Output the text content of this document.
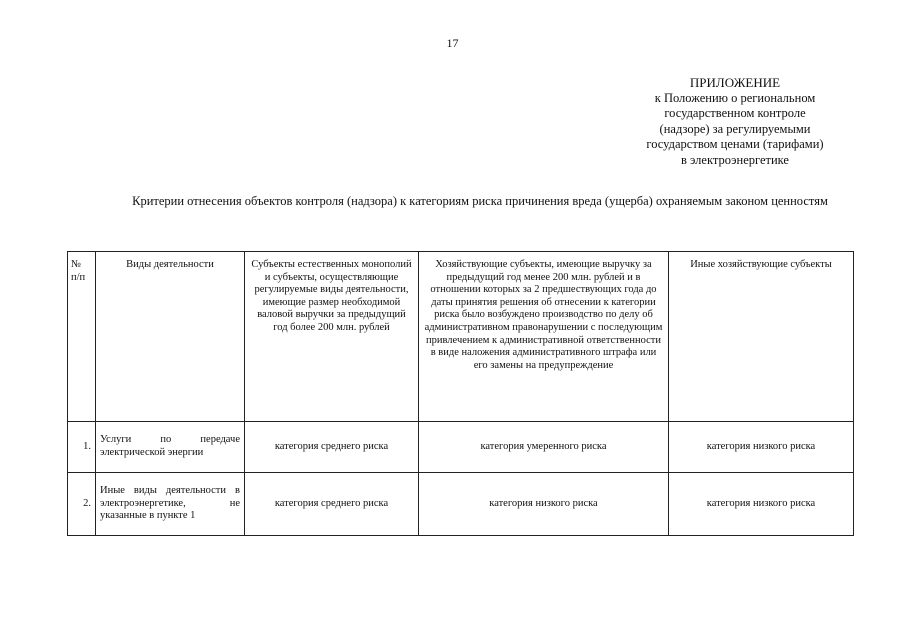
17
ПРИЛОЖЕНИЕ
к Положению о региональном
государственном контроле
(надзоре) за регулируемыми
государством ценами (тарифами)
в электроэнергетике
Критерии отнесения объектов контроля (надзора) к категориям риска причинения вреда (ущерба) охраняемым законом ценностям
№ п/п	Виды деятельности	Субъекты естественных монополий и субъекты, осуществляющие регулируемые виды деятельности, имеющие размер необходимой валовой выручки за предыдущий год более 200 млн. рублей	Хозяйствующие субъекты, имеющие выручку за предыдущий год менее 200 млн. рублей и в отношении которых за 2 предшествующих года до даты принятия решения об отнесении к категории риска было возбуждено производство по делу об административном правонарушении с последующим привлечением к административной ответственности в виде наложения административного штрафа или его замены на предупреждение	Иные хозяйствующие субъекты
1.	Услуги по передаче электрической энергии	категория среднего риска	категория умеренного риска	категория низкого риска
2.	Иные виды деятельности в электроэнергетике, не указанные в пункте 1	категория среднего риска	категория низкого риска	категория низкого риска
